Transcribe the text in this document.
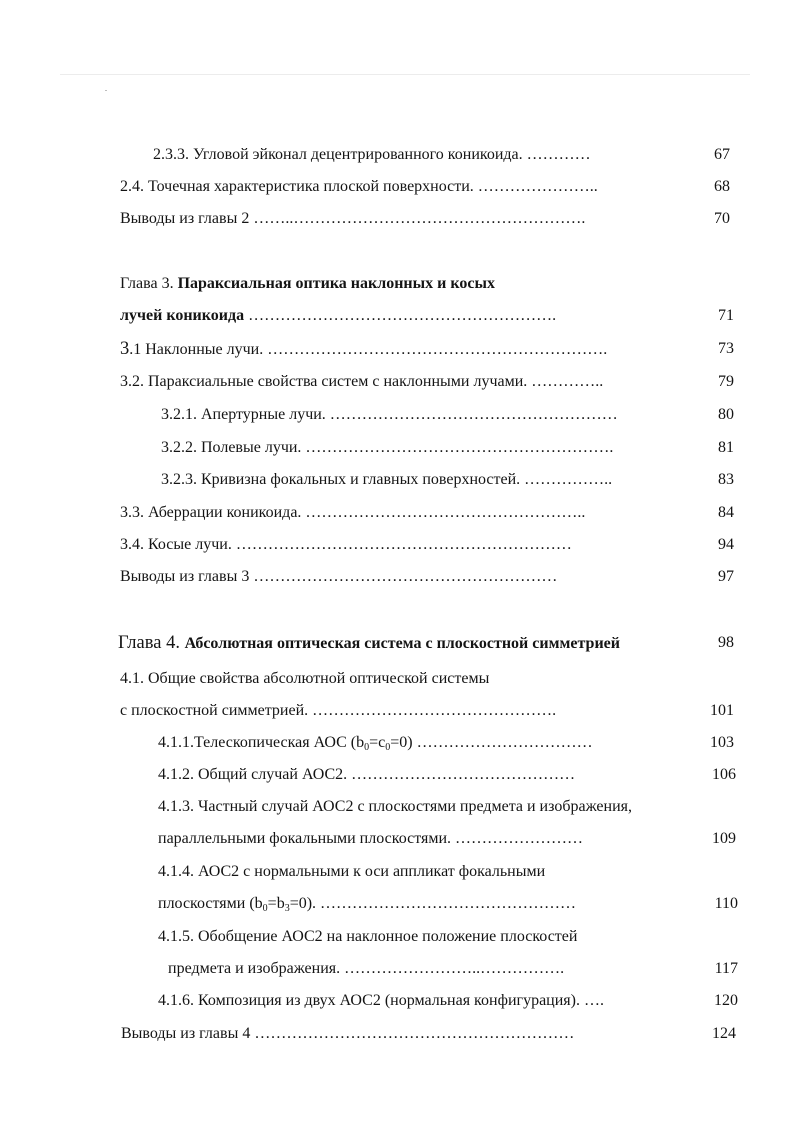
2.3.3. Угловой эйконал децентрированного коникоида. …………	67
2.4. Точечная характеристика плоской поверхности. …………………..	68
Выводы из главы 2 ……..……………………………………………….	70
Глава 3. Параксиальная оптика наклонных и косых
лучей коникоида ………………………………………………….	71
3.1 Наклонные лучи. ……………………………………………………….	73
3.2. Параксиальные свойства систем с наклонными лучами. …………..	79
3.2.1. Апертурные лучи. ………………………………………………	80
3.2.2. Полевые лучи. ………………………………………………….	81
3.2.3. Кривизна фокальных и главных поверхностей. ……………..	83
3.3. Аберрации коникоида. ……………………………………………..	84
3.4. Косые лучи. ………………………………………………………	94
Выводы из главы 3 …………………………………………………	97
Глава 4. Абсолютная оптическая система с плоскостной симметрией	98
4.1. Общие свойства абсолютной оптической системы
с плоскостной симметрией. ……………………………………….	101
4.1.1.Телескопическая АОС $(b_0=c_0=0)$ ……………………………	103
4.1.2. Общий случай АОС2. ……………………………………	106
4.1.3. Частный случай АОС2 с плоскостями предмета и изображения,
параллельными фокальными плоскостями. ……………………	109
4.1.4. АОС2 с нормальными к оси аппликат фокальными
плоскостями $(b_0=b_3=0)$. …………………………………………	110
4.1.5. Обобщение АОС2 на наклонное положение плоскостей
предмета и изображения. ……………………..…………….	117
4.1.6. Композиция из двух АОС2 (нормальная конфигурация). ….	120
Выводы из главы 4 ……………………………………………………	124
